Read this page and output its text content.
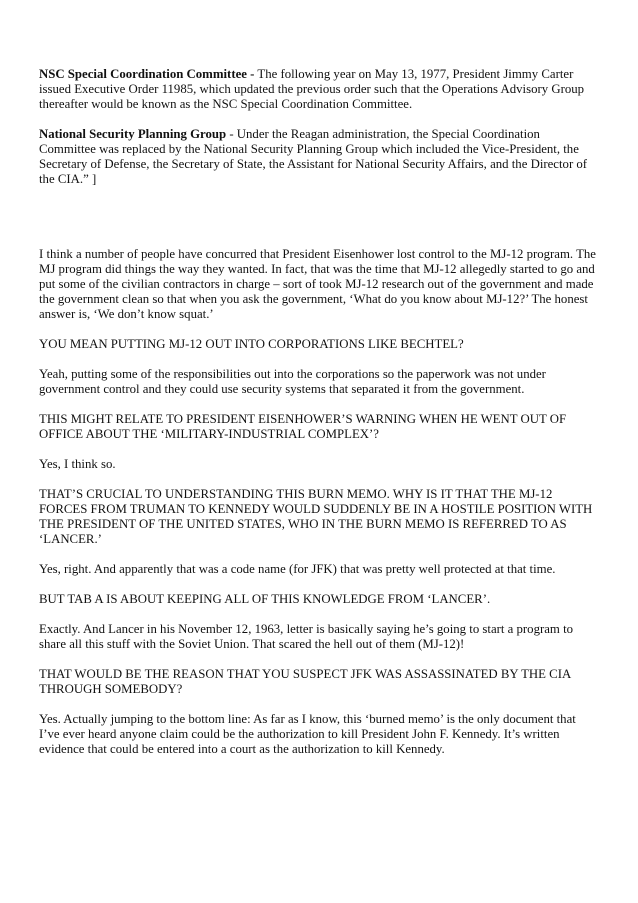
NSC Special Coordination Committee - The following year on May 13, 1977, President Jimmy Carter issued Executive Order 11985, which updated the previous order such that the Operations Advisory Group thereafter would be known as the NSC Special Coordination Committee.

National Security Planning Group - Under the Reagan administration, the Special Coordination Committee was replaced by the National Security Planning Group which included the Vice-President, the Secretary of Defense, the Secretary of State, the Assistant for National Security Affairs, and the Director of the CIA.” ]

I think a number of people have concurred that President Eisenhower lost control to the MJ-12 program. The MJ program did things the way they wanted. In fact, that was the time that MJ-12 allegedly started to go and put some of the civilian contractors in charge – sort of took MJ-12 research out of the government and made the government clean so that when you ask the government, ‘What do you know about MJ-12?’ The honest answer is, ‘We don’t know squat.’

YOU MEAN PUTTING MJ-12 OUT INTO CORPORATIONS LIKE BECHTEL?

Yeah, putting some of the responsibilities out into the corporations so the paperwork was not under government control and they could use security systems that separated it from the government.

THIS MIGHT RELATE TO PRESIDENT EISENHOWER’S WARNING WHEN HE WENT OUT OF OFFICE ABOUT THE ‘MILITARY-INDUSTRIAL COMPLEX’?

Yes, I think so.

THAT’S CRUCIAL TO UNDERSTANDING THIS BURN MEMO. WHY IS IT THAT THE MJ-12 FORCES FROM TRUMAN TO KENNEDY WOULD SUDDENLY BE IN A HOSTILE POSITION WITH THE PRESIDENT OF THE UNITED STATES, WHO IN THE BURN MEMO IS REFERRED TO AS ‘LANCER.’

Yes, right. And apparently that was a code name (for JFK) that was pretty well protected at that time.

BUT TAB A IS ABOUT KEEPING ALL OF THIS KNOWLEDGE FROM ‘LANCER’.

Exactly. And Lancer in his November 12, 1963, letter is basically saying he’s going to start a program to share all this stuff with the Soviet Union. That scared the hell out of them (MJ-12)!

THAT WOULD BE THE REASON THAT YOU SUSPECT JFK WAS ASSASSINATED BY THE CIA THROUGH SOMEBODY?

Yes. Actually jumping to the bottom line: As far as I know, this ‘burned memo’ is the only document that I’ve ever heard anyone claim could be the authorization to kill President John F. Kennedy. It’s written evidence that could be entered into a court as the authorization to kill Kennedy.
